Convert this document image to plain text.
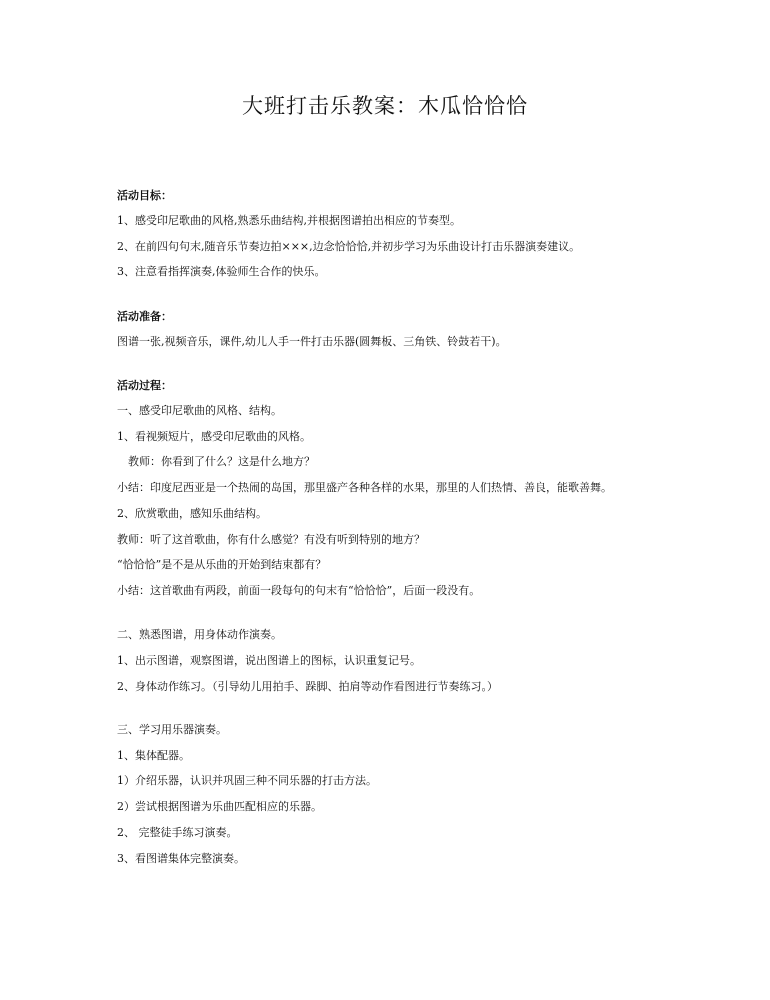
大班打击乐教案：木瓜恰恰恰

活动目标：

1、感受印尼歌曲的风格,熟悉乐曲结构,并根据图谱拍出相应的节奏型。

2、在前四句句末,随音乐节奏边拍×××,边念恰恰恰,并初步学习为乐曲设计打击乐器演奏建议。

3、注意看指挥演奏,体验师生合作的快乐。

活动准备：

图谱一张,视频音乐，课件,幼儿人手一件打击乐器(圆舞板、三角铁、铃鼓若干)。

活动过程：

一、感受印尼歌曲的风格、结构。

1、看视频短片，感受印尼歌曲的风格。

教师：你看到了什么？这是什么地方？

小结：印度尼西亚是一个热闹的岛国，那里盛产各种各样的水果，那里的人们热情、善良，能歌善舞。

2、欣赏歌曲，感知乐曲结构。

教师：听了这首歌曲，你有什么感觉？有没有听到特别的地方？

“恰恰恰”是不是从乐曲的开始到结束都有？

小结：这首歌曲有两段，前面一段每句的句末有“恰恰恰”，后面一段没有。

二、熟悉图谱，用身体动作演奏。

1、出示图谱，观察图谱，说出图谱上的图标，认识重复记号。

2、身体动作练习。（引导幼儿用拍手、跺脚、拍肩等动作看图进行节奏练习。）

三、学习用乐器演奏。

1、集体配器。

1）介绍乐器，认识并巩固三种不同乐器的打击方法。

2）尝试根据图谱为乐曲匹配相应的乐器。

2、 完整徒手练习演奏。

3、看图谱集体完整演奏。
